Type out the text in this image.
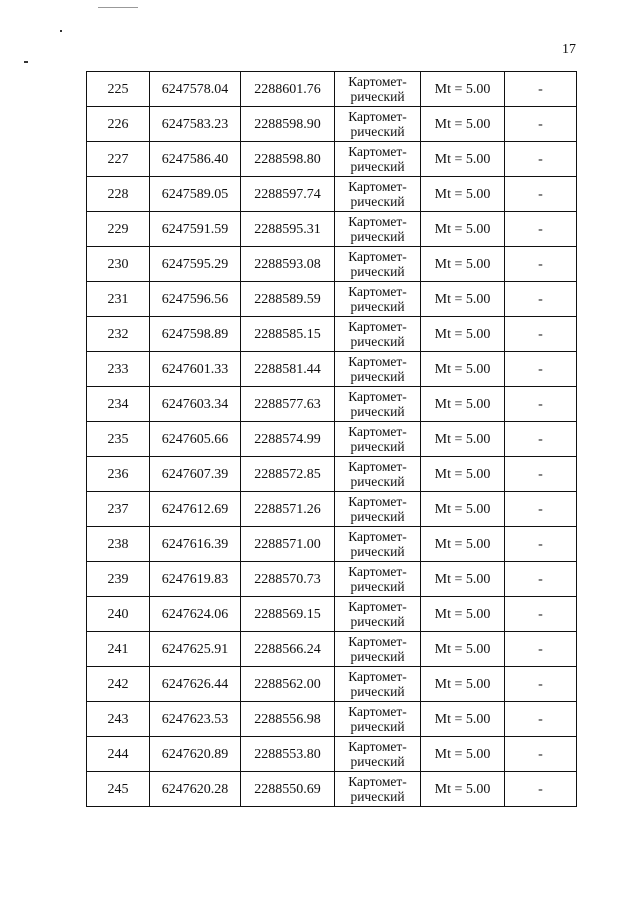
17
225	6247578.04	2288601.76	Картомет-
рический	Mt = 5.00	-
226	6247583.23	2288598.90	Картомет-
рический	Mt = 5.00	-
227	6247586.40	2288598.80	Картомет-
рический	Mt = 5.00	-
228	6247589.05	2288597.74	Картомет-
рический	Mt = 5.00	-
229	6247591.59	2288595.31	Картомет-
рический	Mt = 5.00	-
230	6247595.29	2288593.08	Картомет-
рический	Mt = 5.00	-
231	6247596.56	2288589.59	Картомет-
рический	Mt = 5.00	-
232	6247598.89	2288585.15	Картомет-
рический	Mt = 5.00	-
233	6247601.33	2288581.44	Картомет-
рический	Mt = 5.00	-
234	6247603.34	2288577.63	Картомет-
рический	Mt = 5.00	-
235	6247605.66	2288574.99	Картомет-
рический	Mt = 5.00	-
236	6247607.39	2288572.85	Картомет-
рический	Mt = 5.00	-
237	6247612.69	2288571.26	Картомет-
рический	Mt = 5.00	-
238	6247616.39	2288571.00	Картомет-
рический	Mt = 5.00	-
239	6247619.83	2288570.73	Картомет-
рический	Mt = 5.00	-
240	6247624.06	2288569.15	Картомет-
рический	Mt = 5.00	-
241	6247625.91	2288566.24	Картомет-
рический	Mt = 5.00	-
242	6247626.44	2288562.00	Картомет-
рический	Mt = 5.00	-
243	6247623.53	2288556.98	Картомет-
рический	Mt = 5.00	-
244	6247620.89	2288553.80	Картомет-
рический	Mt = 5.00	-
245	6247620.28	2288550.69	Картомет-
рический	Mt = 5.00	-
